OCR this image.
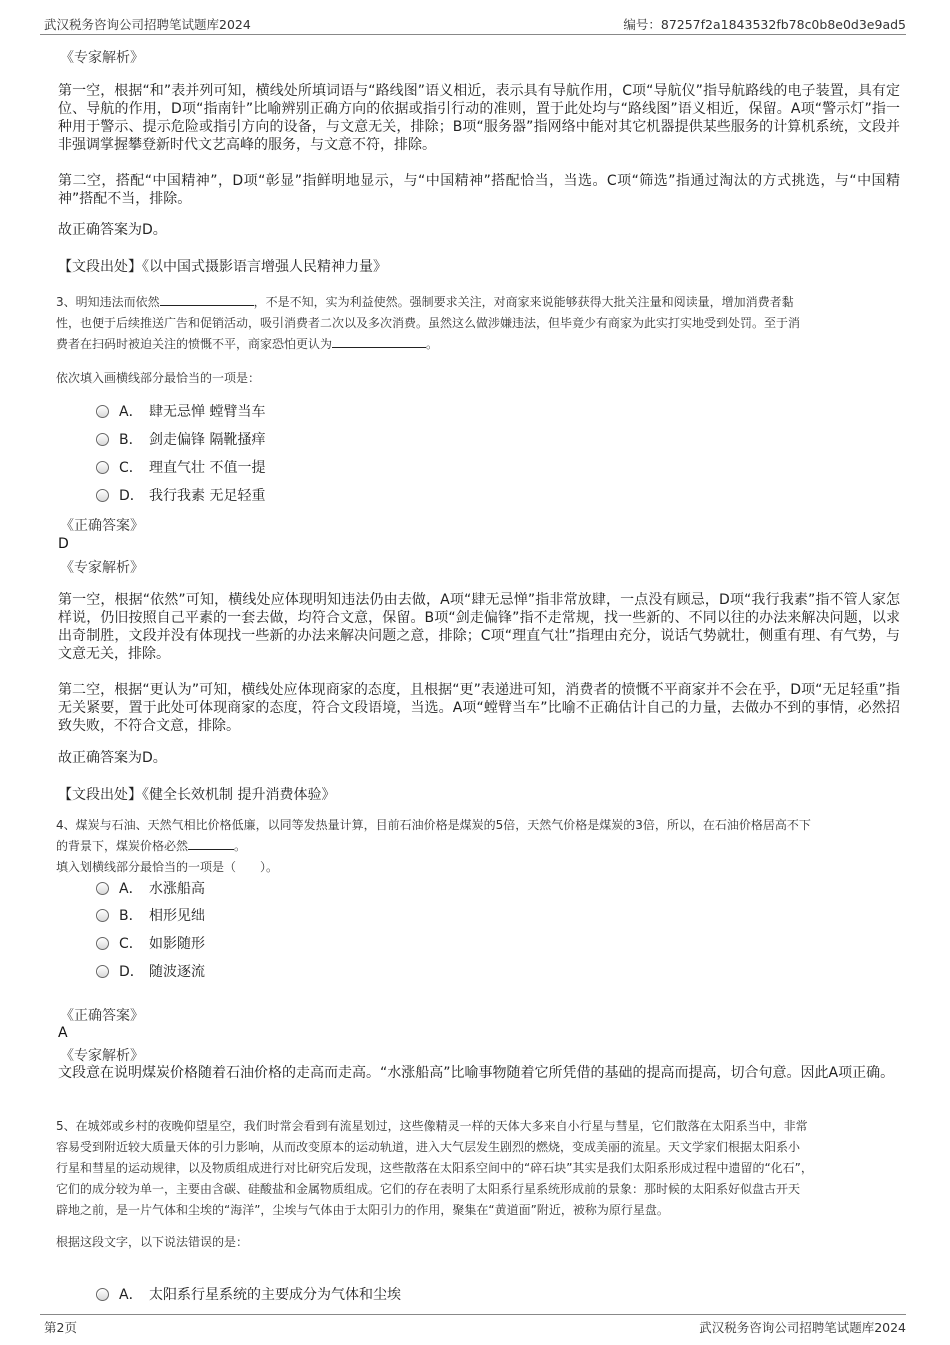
武汉税务咨询公司招聘笔试题库2024	编号：87257f2a1843532fb78c0b8e0d3e9ad5
《专家解析》
第一空，根据“和”表并列可知，横线处所填词语与“路线图”语义相近，表示具有导航作用，C项“导航仪”指导航路线的电子装置，具有定位、导航的作用，D项“指南针”比喻辨别正确方向的依据或指引行动的准则，置于此处均与“路线图”语义相近，保留。A项“警示灯”指一种用于警示、提示危险或指引方向的设备，与文意无关，排除；B项“服务器”指网络中能对其它机器提供某些服务的计算机系统，文段并非强调掌握攀登新时代文艺高峰的服务，与文意不符，排除。
第二空，搭配“中国精神”，D项“彰显”指鲜明地显示，与“中国精神”搭配恰当，当选。C项“筛选”指通过淘汰的方式挑选，与“中国精神”搭配不当，排除。
故正确答案为D。
【文段出处】《以中国式摄影语言增强人民精神力量》
3、明知违法而依然	，不是不知，实为利益使然。强制要求关注，对商家来说能够获得大批关注量和阅读量，增加消费者黏
性，也便于后续推送广告和促销活动，吸引消费者二次以及多次消费。虽然这么做涉嫌违法，但毕竟少有商家为此实打实地受到处罚。至于消
费者在扫码时被迫关注的愤慨不平，商家恐怕更认为	。
依次填入画横线部分最恰当的一项是：
A． 肆无忌惮 螳臂当车
B． 剑走偏锋 隔靴搔痒
C． 理直气壮 不值一提
D． 我行我素 无足轻重
《正确答案》
D
《专家解析》
第一空，根据“依然”可知，横线处应体现明知违法仍由去做，A项“肆无忌惮”指非常放肆，一点没有顾忌，D项“我行我素”指不管人家怎样说，仍旧按照自己平素的一套去做，均符合文意，保留。B项“剑走偏锋”指不走常规，找一些新的、不同以往的办法来解决问题，以求出奇制胜，文段并没有体现找一些新的办法来解决问题之意，排除；C项“理直气壮”指理由充分，说话气势就壮，侧重有理、有气势，与文意无关，排除。
第二空，根据“更认为”可知，横线处应体现商家的态度，且根据“更”表递进可知，消费者的愤慨不平商家并不会在乎，D项“无足轻重”指无关紧要，置于此处可体现商家的态度，符合文段语境，当选。A项“螳臂当车”比喻不正确估计自己的力量，去做办不到的事情，必然招致失败，不符合文意，排除。
故正确答案为D。
【文段出处】《健全长效机制 提升消费体验》
4、煤炭与石油、天然气相比价格低廉，以同等发热量计算，目前石油价格是煤炭的5倍，天然气价格是煤炭的3倍，所以，在石油价格居高不下
的背景下，煤炭价格必然	。
填入划横线部分最恰当的一项是（　　）。
A． 水涨船高
B． 相形见绌
C． 如影随形
D． 随波逐流
《正确答案》
A
《专家解析》
文段意在说明煤炭价格随着石油价格的走高而走高。“水涨船高”比喻事物随着它所凭借的基础的提高而提高，切合句意。因此A项正确。
5、在城郊或乡村的夜晚仰望星空，我们时常会看到有流星划过，这些像精灵一样的天体大多来自小行星与彗星，它们散落在太阳系当中，非常
容易受到附近较大质量天体的引力影响，从而改变原本的运动轨道，进入大气层发生剧烈的燃烧，变成美丽的流星。天文学家们根据太阳系小
行星和彗星的运动规律，以及物质组成进行对比研究后发现，这些散落在太阳系空间中的“碎石块”其实是我们太阳系形成过程中遗留的“化石”，
它们的成分较为单一，主要由含碳、硅酸盐和金属物质组成。它们的存在表明了太阳系行星系统形成前的景象：那时候的太阳系好似盘古开天
辟地之前，是一片气体和尘埃的“海洋”，尘埃与气体由于太阳引力的作用，聚集在“黄道面”附近，被称为原行星盘。
根据这段文字，以下说法错误的是：
A． 太阳系行星系统的主要成分为气体和尘埃
第2页	武汉税务咨询公司招聘笔试题库2024
